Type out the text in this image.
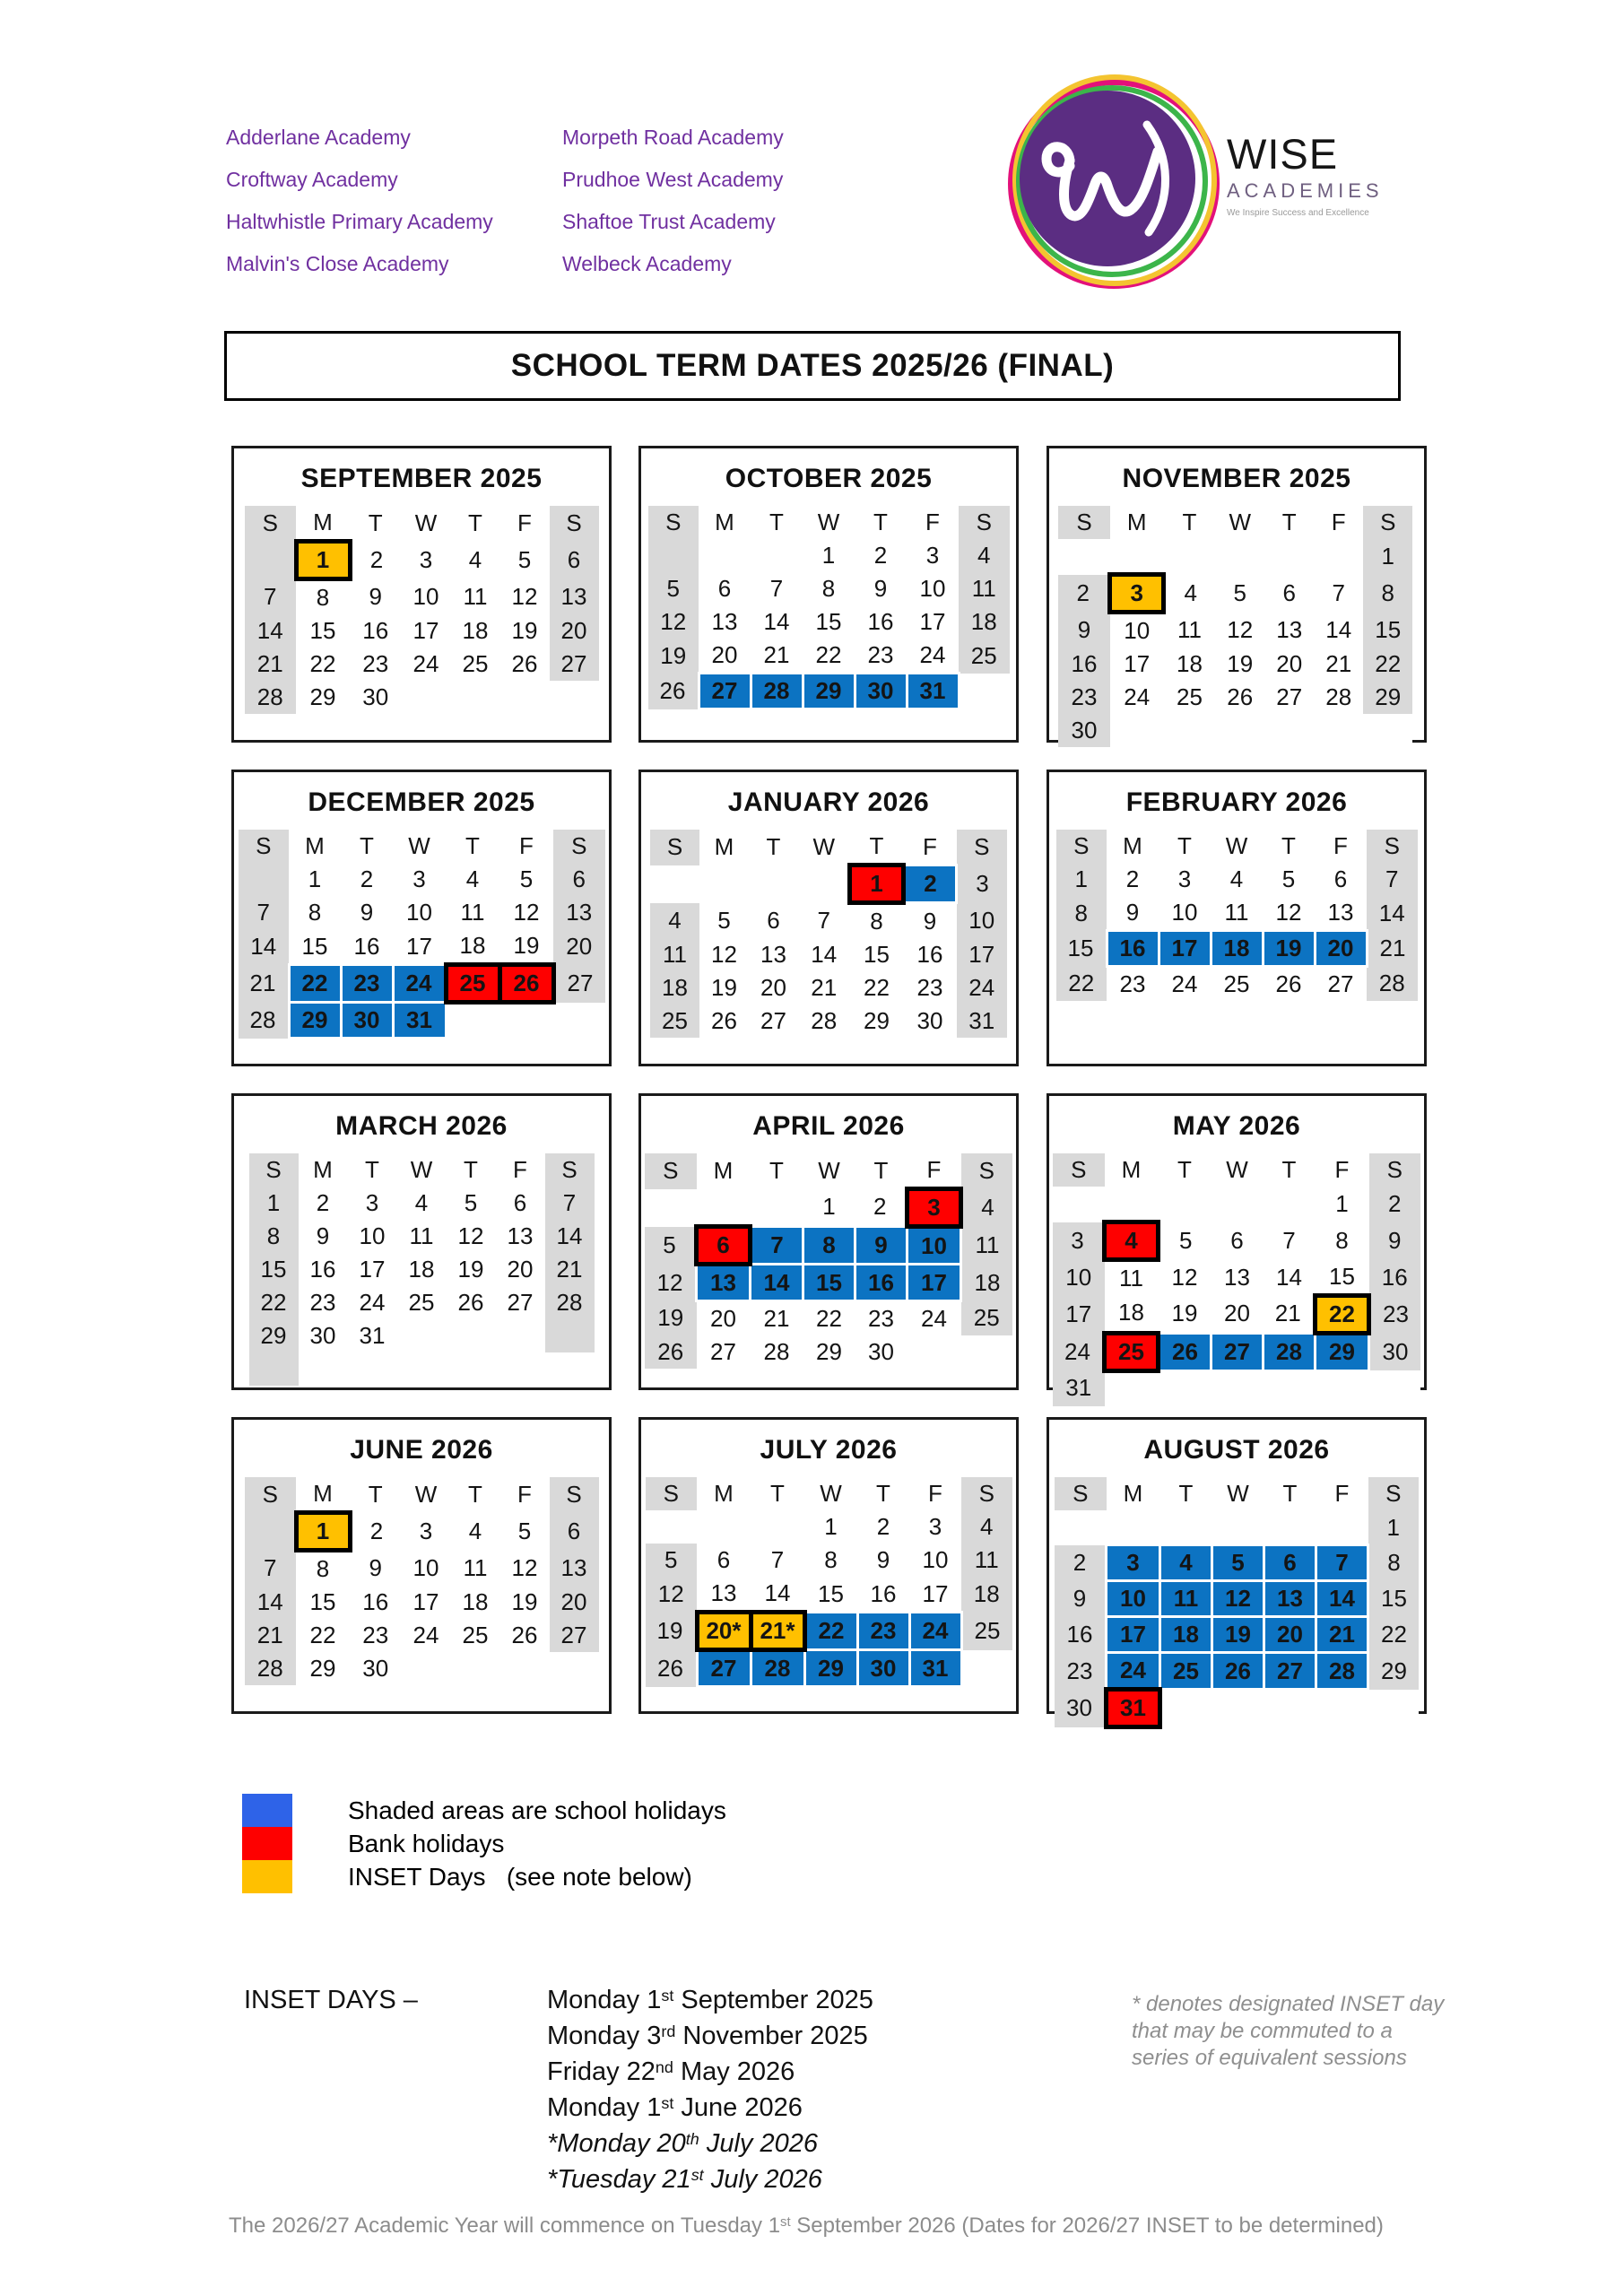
Adderlane Academy
Croftway Academy
Haltwhistle Primary Academy
Malvin's Close Academy
Morpeth Road Academy
Prudhoe West Academy
Shaftoe Trust Academy
Welbeck Academy
WISE
ACADEMIES
We Inspire Success and Excellence
SCHOOL TERM DATES 2025/26 (FINAL)
SEPTEMBER 2025
S	M	T	W	T	F	S
	1	2	3	4	5	6
7	8	9	10	11	12	13
14	15	16	17	18	19	20
21	22	23	24	25	26	27
28	29	30				
OCTOBER 2025
S	M	T	W	T	F	S
			1	2	3	4
5	6	7	8	9	10	11
12	13	14	15	16	17	18
19	20	21	22	23	24	25
26	27	28	29	30	31	
NOVEMBER 2025
S	M	T	W	T	F	S
						1
2	3	4	5	6	7	8
9	10	11	12	13	14	15
16	17	18	19	20	21	22
23	24	25	26	27	28	29
30						
DECEMBER 2025
S	M	T	W	T	F	S
	1	2	3	4	5	6
7	8	9	10	11	12	13
14	15	16	17	18	19	20
21	22	23	24	25	26	27
28	29	30	31			
JANUARY 2026
S	M	T	W	T	F	S
				1	2	3
4	5	6	7	8	9	10
11	12	13	14	15	16	17
18	19	20	21	22	23	24
25	26	27	28	29	30	31
FEBRUARY 2026
S	M	T	W	T	F	S
1	2	3	4	5	6	7
8	9	10	11	12	13	14
15	16	17	18	19	20	21
22	23	24	25	26	27	28
MARCH 2026
S	M	T	W	T	F	S
1	2	3	4	5	6	7
8	9	10	11	12	13	14
15	16	17	18	19	20	21
22	23	24	25	26	27	28
29	30	31				

APRIL 2026
S	M	T	W	T	F	S
			1	2	3	4
5	6	7	8	9	10	11
12	13	14	15	16	17	18
19	20	21	22	23	24	25
26	27	28	29	30		
MAY 2026
S	M	T	W	T	F	S
					1	2
3	4	5	6	7	8	9
10	11	12	13	14	15	16
17	18	19	20	21	22	23
24	25	26	27	28	29	30
31						
JUNE 2026
S	M	T	W	T	F	S
	1	2	3	4	5	6
7	8	9	10	11	12	13
14	15	16	17	18	19	20
21	22	23	24	25	26	27
28	29	30				
JULY 2026
S	M	T	W	T	F	S
			1	2	3	4
5	6	7	8	9	10	11
12	13	14	15	16	17	18
19	20*	21*	22	23	24	25
26	27	28	29	30	31	
AUGUST 2026
S	M	T	W	T	F	S
						1
2	3	4	5	6	7	8
9	10	11	12	13	14	15
16	17	18	19	20	21	22
23	24	25	26	27	28	29
30	31					
Shaded areas are school holidays
Bank holidays
INSET Days   (see note below)
INSET DAYS –	Monday 1st September 2025
Monday 3rd November 2025
Friday 22nd May 2026
Monday 1st June 2026
*Monday 20th July 2026
*Tuesday 21st July 2026
* denotes designated INSET day
that may be commuted to a
series of equivalent sessions
The 2026/27 Academic Year will commence on Tuesday 1st September 2026 (Dates for 2026/27 INSET to be determined)
